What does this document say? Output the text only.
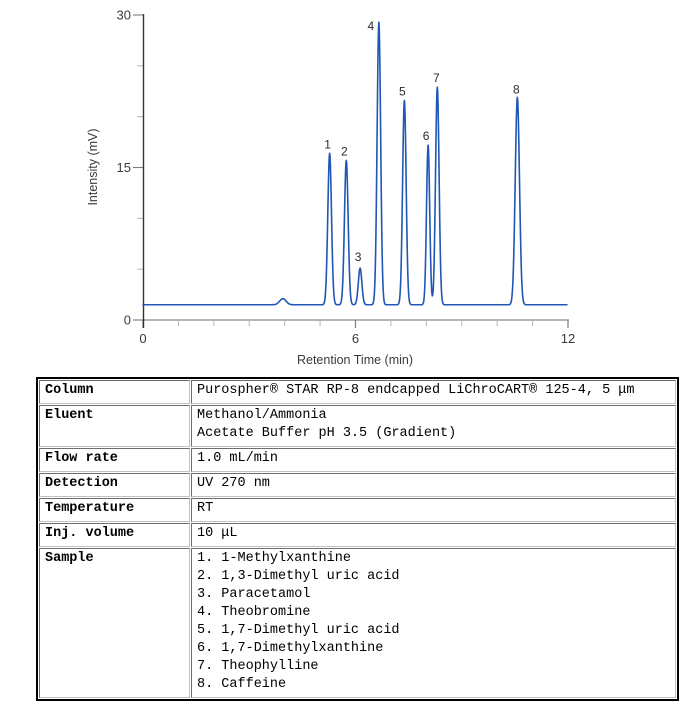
0	6	12
0
15
30
1
2
3
4
5
6
7
8
Retention Time (min)
Intensity (mV)
Column	Purospher® STAR RP-8 endcapped LiChroCART® 125-4, 5 μm
Eluent	Methanol/Ammonia
Acetate Buffer pH 3.5 (Gradient)
Flow rate	1.0 mL/min
Detection	UV 270 nm
Temperature	RT
Inj. volume	10 μL
Sample	1. 1-Methylxanthine
2. 1,3-Dimethyl uric acid
3. Paracetamol
4. Theobromine
5. 1,7-Dimethyl uric acid
6. 1,7-Dimethylxanthine
7. Theophylline
8. Caffeine
